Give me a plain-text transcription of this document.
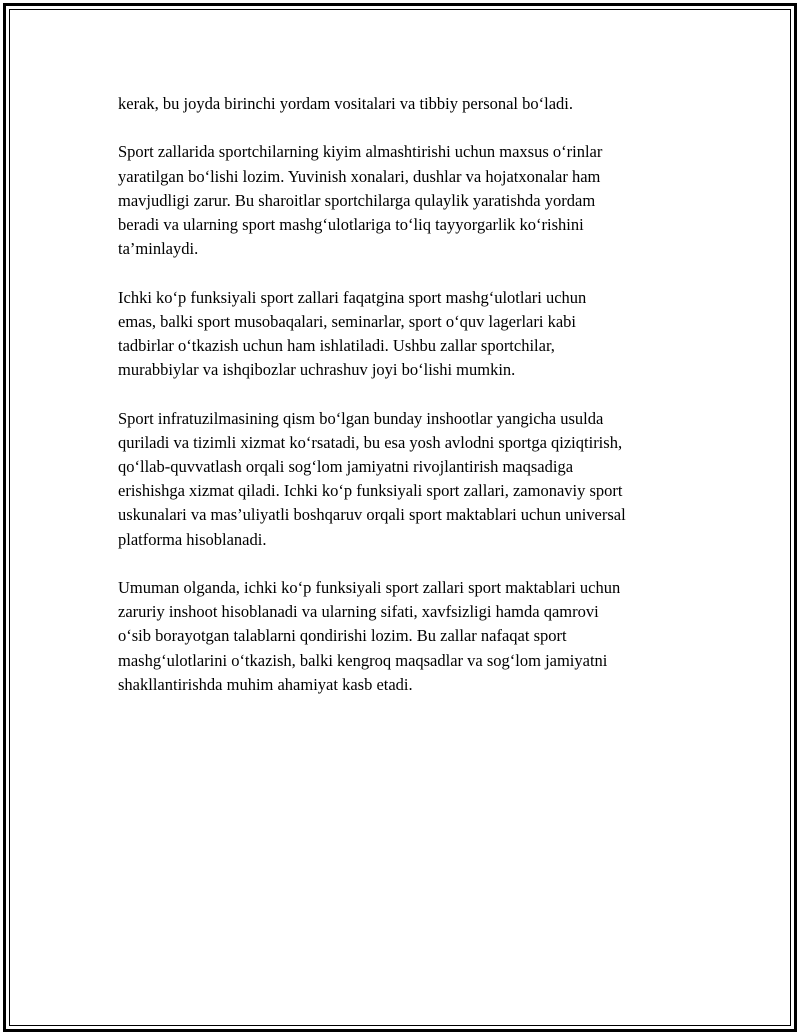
kerak, bu joyda birinchi yordam vositalari va tibbiy personal bo‘ladi.

Sport zallarida sportchilarning kiyim almashtirishi uchun maxsus o‘rinlar
yaratilgan bo‘lishi lozim. Yuvinish xonalari, dushlar va hojatxonalar ham
mavjudligi zarur. Bu sharoitlar sportchilarga qulaylik yaratishda yordam
beradi va ularning sport mashg‘ulotlariga to‘liq tayyorgarlik ko‘rishini
ta’minlaydi.

Ichki ko‘p funksiyali sport zallari faqatgina sport mashg‘ulotlari uchun
emas, balki sport musobaqalari, seminarlar, sport o‘quv lagerlari kabi
tadbirlar o‘tkazish uchun ham ishlatiladi. Ushbu zallar sportchilar,
murabbiylar va ishqibozlar uchrashuv joyi bo‘lishi mumkin.

Sport infratuzilmasining qism bo‘lgan bunday inshootlar yangicha usulda
quriladi va tizimli xizmat ko‘rsatadi, bu esa yosh avlodni sportga qiziqtirish,
qo‘llab-quvvatlash orqali sog‘lom jamiyatni rivojlantirish maqsadiga
erishishga xizmat qiladi. Ichki ko‘p funksiyali sport zallari, zamonaviy sport
uskunalari va mas’uliyatli boshqaruv orqali sport maktablari uchun universal
platforma hisoblanadi.

Umuman olganda, ichki ko‘p funksiyali sport zallari sport maktablari uchun
zaruriy inshoot hisoblanadi va ularning sifati, xavfsizligi hamda qamrovi
o‘sib borayotgan talablarni qondirishi lozim. Bu zallar nafaqat sport
mashg‘ulotlarini o‘tkazish, balki kengroq maqsadlar va sog‘lom jamiyatni
shakllantirishda muhim ahamiyat kasb etadi.
